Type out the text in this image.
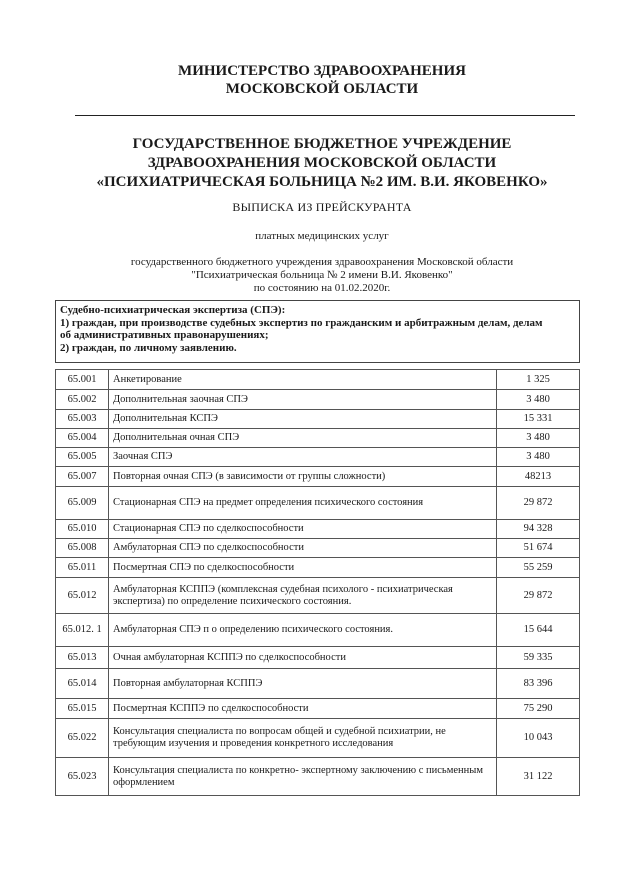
МИНИСТЕРСТВО ЗДРАВООХРАНЕНИЯ
МОСКОВСКОЙ ОБЛАСТИ
ГОСУДАРСТВЕННОЕ БЮДЖЕТНОЕ УЧРЕЖДЕНИЕ
ЗДРАВООХРАНЕНИЯ МОСКОВСКОЙ ОБЛАСТИ
«ПСИХИАТРИЧЕСКАЯ БОЛЬНИЦА №2 ИМ. В.И. ЯКОВЕНКО»
ВЫПИСКА ИЗ ПРЕЙСКУРАНТА
платных медицинских услуг
государственного бюджетного учреждения здравоохранения Московской области
"Психиатрическая больница № 2 имени В.И. Яковенко"
по состоянию на 01.02.2020г.
Судебно-психиатрическая экспертиза (СПЭ):
1) граждан, при производстве судебных экспертиз по гражданским и арбитражным делам, делам
об административных правонарушениях;
2) граждан, по личному заявлению.
65.001	Анкетирование	1 325
65.002	Дополнительная заочная СПЭ	3 480
65.003	Дополнительная КСПЭ	15 331
65.004	Дополнительная очная СПЭ	3 480
65.005	Заочная СПЭ	3 480
65.007	Повторная очная СПЭ (в зависимости от группы сложности)	48213
65.009	Стационарная СПЭ на предмет определения психического состояния	29 872
65.010	Стационарная СПЭ по сделкоспособности	94 328
65.008	Амбулаторная СПЭ по сделкоспособности	51 674
65.011	Посмертная СПЭ по сделкоспособности	55 259
65.012	Амбулаторная КСППЭ (комплексная судебная психолого - психиатрическая экспертиза) по определение психического состояния.	29 872
65.012. 1	Амбулаторная СПЭ п о определению психического состояния.	15 644
65.013	Очная амбулаторная КСППЭ по сделкоспособности	59 335
65.014	Повторная амбулаторная КСППЭ	83 396
65.015	Посмертная КСППЭ по сделкоспособности	75 290
65.022	Консультация специалиста по вопросам общей и судебной психиатрии, не требующим изучения и проведения конкретного исследования	10 043
65.023	Консультация специалиста по конкретно- экспертному заключению с письменным оформлением	31 122
